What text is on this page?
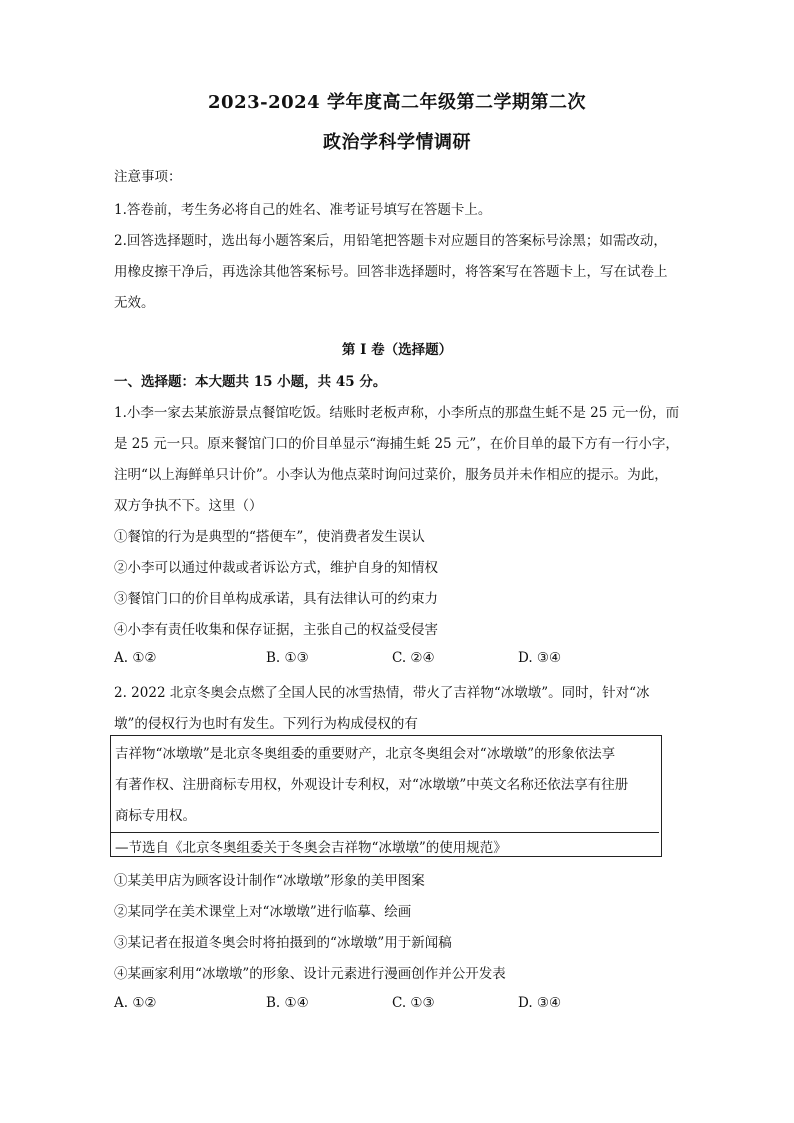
2023-2024 学年度高二年级第二学期第二次
政治学科学情调研
注意事项：
1.答卷前，考生务必将自己的姓名、准考证号填写在答题卡上。
2.回答选择题时，选出每小题答案后，用铅笔把答题卡对应题目的答案标号涂黑；如需改动，
用橡皮擦干净后，再选涂其他答案标号。回答非选择题时，将答案写在答题卡上，写在试卷上
无效。
第 I 卷（选择题）
一、选择题：本大题共 15 小题，共 45 分。
1.小李一家去某旅游景点餐馆吃饭。结账时老板声称，小李所点的那盘生蚝不是 25 元一份，而
是 25 元一只。原来餐馆门口的价目单显示“海捕生蚝 25 元”，在价目单的最下方有一行小字，
注明“以上海鲜单只计价”。小李认为他点菜时询问过菜价，服务员并未作相应的提示。为此，
双方争执不下。这里（）
①餐馆的行为是典型的“搭便车”，使消费者发生误认
②小李可以通过仲裁或者诉讼方式，维护自身的知情权
③餐馆门口的价目单构成承诺，具有法律认可的约束力
④小李有责任收集和保存证据，主张自己的权益受侵害
A. ①②	B. ①③	C. ②④	D. ③④
2. 2022 北京冬奥会点燃了全国人民的冰雪热情，带火了吉祥物“冰墩墩”。同时，针对“冰
墩”的侵权行为也时有发生。下列行为构成侵权的有
吉祥物“冰墩墩”是北京冬奥组委的重要财产，北京冬奥组会对“冰墩墩”的形象依法享
有著作权、注册商标专用权，外观设计专利权，对“冰墩墩”中英文名称还依法享有往册
商标专用权。
—节选自《北京冬奥组委关于冬奥会吉祥物“冰墩墩”的使用规范》
①某美甲店为顾客设计制作“冰墩墩”形象的美甲图案
②某同学在美术课堂上对“冰墩墩”进行临摹、绘画
③某记者在报道冬奥会时将拍摄到的“冰墩墩”用于新闻稿
④某画家利用“冰墩墩”的形象、设计元素进行漫画创作并公开发表
A. ①②	B. ①④	C. ①③	D. ③④
